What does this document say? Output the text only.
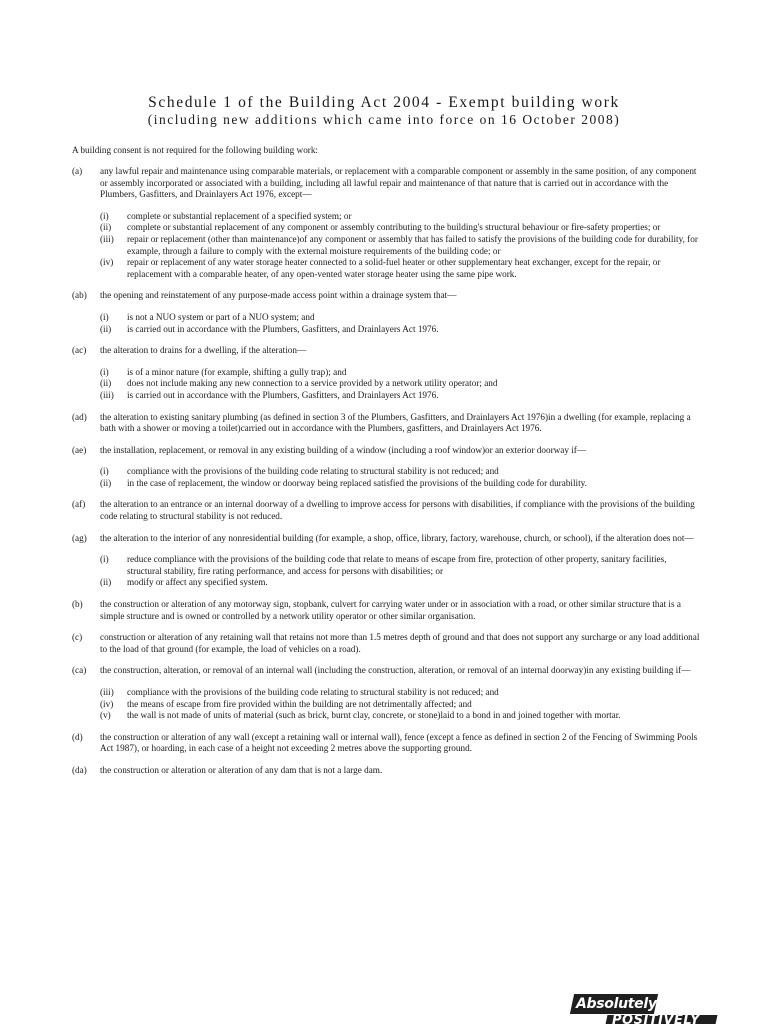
Schedule 1 of the Building Act 2004 - Exempt building work
(including new additions which came into force on 16 October 2008)
A building consent is not required for the following building work:
(a)	any lawful repair and maintenance using comparable materials, or replacement with a comparable component or assembly in the same position, of any component or assembly incorporated or associated with a building, including all lawful repair and maintenance of that nature that is carried out in accordance with the Plumbers, Gasfitters, and Drainlayers Act 1976, except—
(i)	complete or substantial replacement of a specified system; or
(ii)	complete or substantial replacement of any component or assembly contributing to the building's structural behaviour or fire-safety properties; or
(iii)	repair or replacement (other than maintenance)of any component or assembly that has failed to satisfy the provisions of the building code for durability, for example, through a failure to comply with the external moisture requirements of the building code; or
(iv)	repair or replacement of any water storage heater connected to a solid-fuel heater or other supplementary heat exchanger, except for the repair, or replacement with a comparable heater, of any open-vented water storage heater using the same pipe work.
(ab)	the opening and reinstatement of any purpose-made access point within a drainage system that—
(i)	is not a NUO system or part of a NUO system; and
(ii)	is carried out in accordance with the Plumbers, Gasfitters, and Drainlayers Act 1976.
(ac)	the alteration to drains for a dwelling, if the alteration—
(i)	is of a minor nature (for example, shifting a gully trap); and
(ii)	does not include making any new connection to a service provided by a network utility operator; and
(iii)	is carried out in accordance with the Plumbers, Gasfitters, and Drainlayers Act 1976.
(ad)	the alteration to existing sanitary plumbing (as defined in section 3 of the Plumbers, Gasfitters, and Drainlayers Act 1976)in a dwelling (for example, replacing a bath with a shower or moving a toilet)carried out in accordance with the Plumbers, gasfitters, and Drainlayers Act 1976.
(ae)	the installation, replacement, or removal in any existing building of a window (including a roof window)or an exterior doorway if—
(i)	compliance with the provisions of the building code relating to structural stability is not reduced; and
(ii)	in the case of replacement, the window or doorway being replaced satisfied the provisions of the building code for durability.
(af)	the alteration to an entrance or an internal doorway of a dwelling to improve access for persons with disabilities, if compliance with the provisions of the building code relating to structural stability is not reduced.
(ag)	the alteration to the interior of any nonresidential building (for example, a shop, office, library, factory, warehouse, church, or school), if the alteration does not—
(i)	reduce compliance with the provisions of the building code that relate to means of escape from fire, protection of other property, sanitary facilities, structural stability, fire rating performance, and access for persons with disabilities; or
(ii)	modify or affect any specified system.
(b)	the construction or alteration of any motorway sign, stopbank, culvert for carrying water under or in association with a road, or other similar structure that is a simple structure and is owned or controlled by a network utility operator or other similar organisation.
(c)	construction or alteration of any retaining wall that retains not more than 1.5 metres depth of ground and that does not support any surcharge or any load additional to the load of that ground (for example, the load of vehicles on a road).
(ca)	the construction, alteration, or removal of an internal wall (including the construction, alteration, or removal of an internal doorway)in any existing building if—
(iii)	compliance with the provisions of the building code relating to structural stability is not reduced; and
(iv)	the means of escape from fire provided within the building are not detrimentally affected; and
(v)	the wall is not made of units of material (such as brick, burnt clay, concrete, or stone)laid to a bond in and joined together with mortar.
(d)	the construction or alteration of any wall (except a retaining wall or internal wall), fence (except a fence as defined in section 2 of the Fencing of Swimming Pools Act 1987), or hoarding, in each case of a height not exceeding 2 metres above the supporting ground.
(da)	the construction or alteration or alteration of any dam that is not a large dam.
Absolutely
POSITIVELY
